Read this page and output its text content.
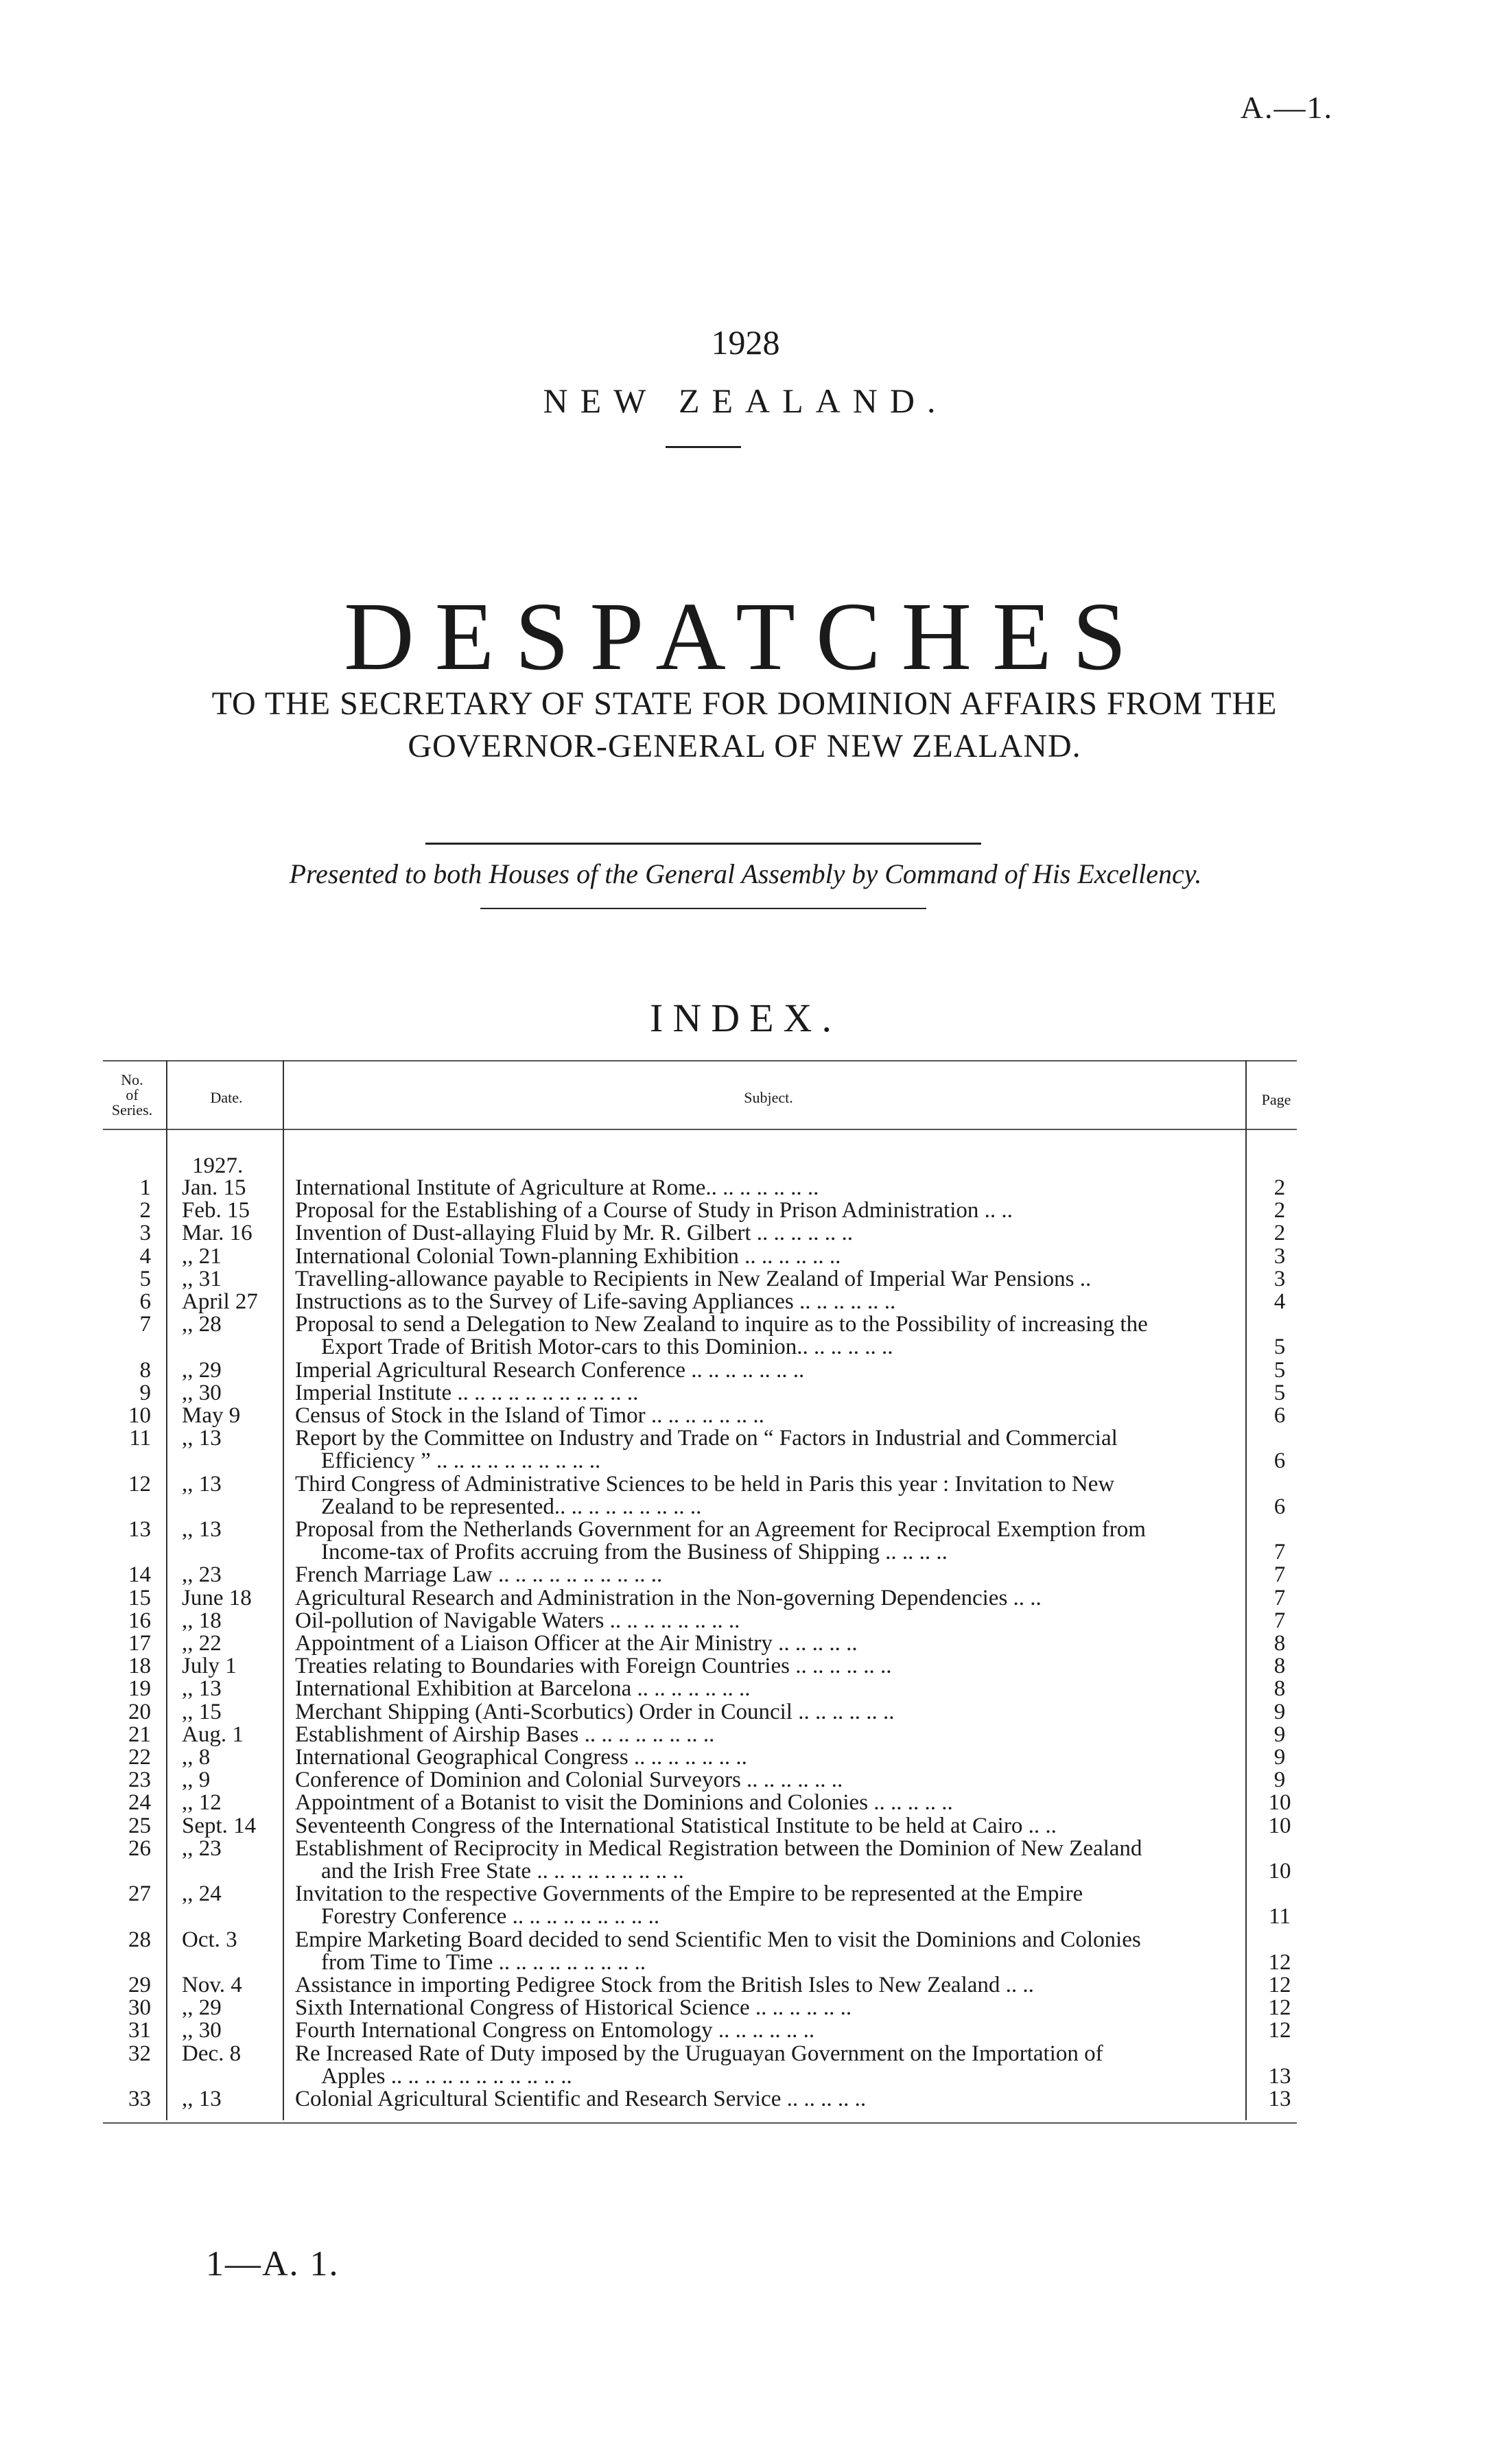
A.—1.
1928
NEW ZEALAND.
DESPATCHES
TO THE SECRETARY OF STATE FOR DOMINION AFFAIRS FROM THE
GOVERNOR-GENERAL OF NEW ZEALAND.
Presented to both Houses of the General Assembly by Command of His Excellency.
INDEX.
No.
of
Series.
Date.	Subject.	Page
1927.
1 Jan. 15	International Institute of Agriculture at Rome.. .. .. .. .. .. ..	2
2 Feb. 15	Proposal for the Establishing of a Course of Study in Prison Administration .. ..	2
3 Mar. 16	Invention of Dust-allaying Fluid by Mr. R. Gilbert .. .. .. .. .. ..	2
4 ,, 21	International Colonial Town-planning Exhibition .. .. .. .. .. ..	3
5 ,, 31	Travelling-allowance payable to Recipients in New Zealand of Imperial War Pensions ..	3
6 April 27	Instructions as to the Survey of Life-saving Appliances .. .. .. .. .. ..	4
7 ,, 28	Proposal to send a Delegation to New Zealand to inquire as to the Possibility of increasing the
Export Trade of British Motor-cars to this Dominion.. .. .. .. .. ..	5
8 ,, 29	Imperial Agricultural Research Conference .. .. .. .. .. .. ..	5
9 ,, 30	Imperial Institute .. .. .. .. .. .. .. .. .. .. ..	5
10 May 9	Census of Stock in the Island of Timor .. .. .. .. .. .. ..	6
11 ,, 13	Report by the Committee on Industry and Trade on “ Factors in Industrial and Commercial
Efficiency ” .. .. .. .. .. .. .. .. .. ..	6
12 ,, 13	Third Congress of Administrative Sciences to be held in Paris this year : Invitation to New
Zealand to be represented.. .. .. .. .. .. .. .. ..	6
13 ,, 13	Proposal from the Netherlands Government for an Agreement for Reciprocal Exemption from
Income-tax of Profits accruing from the Business of Shipping .. .. .. ..	7
14 ,, 23	French Marriage Law .. .. .. .. .. .. .. .. .. ..	7
15 June 18	Agricultural Research and Administration in the Non-governing Dependencies .. ..	7
16 ,, 18	Oil-pollution of Navigable Waters .. .. .. .. .. .. .. ..	7
17 ,, 22	Appointment of a Liaison Officer at the Air Ministry .. .. .. .. ..	8
18 July 1	Treaties relating to Boundaries with Foreign Countries .. .. .. .. .. ..	8
19 ,, 13	International Exhibition at Barcelona .. .. .. .. .. .. ..	8
20 ,, 15	Merchant Shipping (Anti-Scorbutics) Order in Council .. .. .. .. .. ..	9
21 Aug. 1	Establishment of Airship Bases .. .. .. .. .. .. .. ..	9
22 ,, 8	International Geographical Congress .. .. .. .. .. .. ..	9
23 ,, 9	Conference of Dominion and Colonial Surveyors .. .. .. .. .. ..	9
24 ,, 12	Appointment of a Botanist to visit the Dominions and Colonies .. .. .. .. ..	10
25 Sept. 14	Seventeenth Congress of the International Statistical Institute to be held at Cairo .. ..	10
26 ,, 23	Establishment of Reciprocity in Medical Registration between the Dominion of New Zealand
and the Irish Free State .. .. .. .. .. .. .. .. ..	10
27 ,, 24	Invitation to the respective Governments of the Empire to be represented at the Empire
Forestry Conference .. .. .. .. .. .. .. .. ..	11
28 Oct. 3	Empire Marketing Board decided to send Scientific Men to visit the Dominions and Colonies
from Time to Time .. .. .. .. .. .. .. .. ..	12
29 Nov. 4	Assistance in importing Pedigree Stock from the British Isles to New Zealand .. ..	12
30 ,, 29	Sixth International Congress of Historical Science .. .. .. .. .. ..	12
31 ,, 30	Fourth International Congress on Entomology .. .. .. .. .. ..	12
32 Dec. 8	Re Increased Rate of Duty imposed by the Uruguayan Government on the Importation of
Apples .. .. .. .. .. .. .. .. .. .. ..	13
33 ,, 13	Colonial Agricultural Scientific and Research Service .. .. .. .. ..	13
1—A. 1.
